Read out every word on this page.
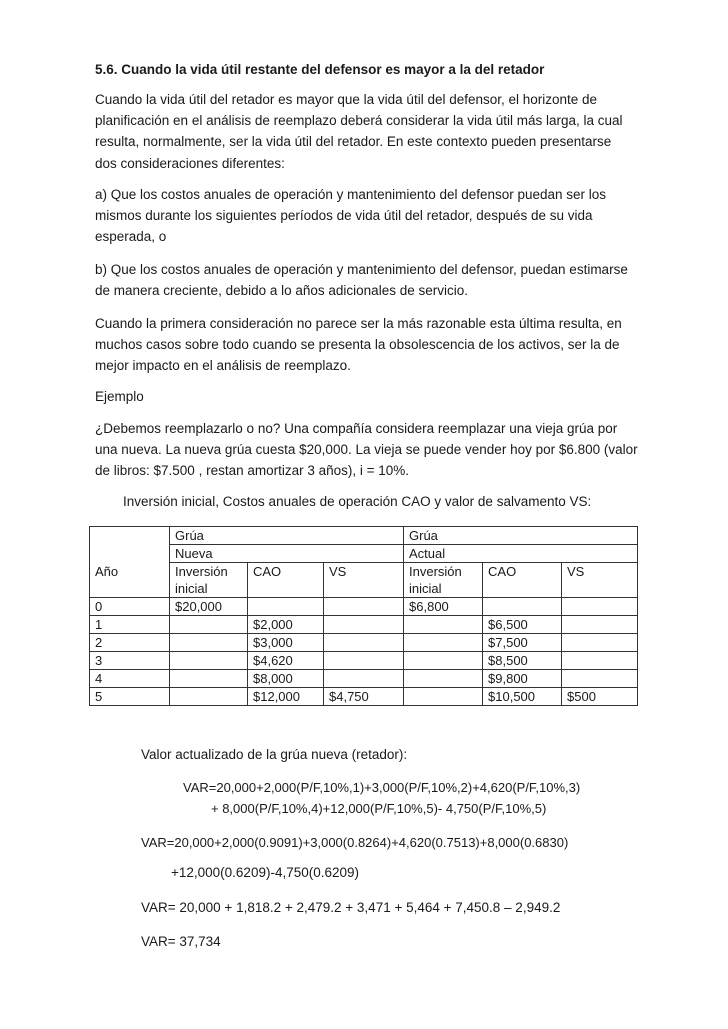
5.6. Cuando la vida útil restante del defensor es mayor a la del retador
Cuando la vida útil del retador es mayor que la vida útil del defensor, el horizonte de
planificación en el análisis de reemplazo deberá considerar la vida útil más larga, la cual
resulta, normalmente, ser la vida útil del retador. En este contexto pueden presentarse
dos consideraciones diferentes:
a) Que los costos anuales de operación y mantenimiento del defensor puedan ser los
mismos durante los siguientes períodos de vida útil del retador, después de su vida
esperada, o
b) Que los costos anuales de operación y mantenimiento del defensor, puedan estimarse
de manera creciente, debido a lo años adicionales de servicio.
Cuando la primera consideración no parece ser la más razonable esta última resulta, en
muchos casos sobre todo cuando se presenta la obsolescencia de los activos, ser la de
mejor impacto en el análisis de reemplazo.
Ejemplo
¿Debemos reemplazarlo o no? Una compañía considera reemplazar una vieja grúa por
una nueva. La nueva grúa cuesta $20,000. La vieja se puede vender hoy por $6.800 (valor
de libros: $7.500 , restan amortizar 3 años), i = 10%.
Inversión inicial, Costos anuales de operación CAO y valor de salvamento VS:
Año	Grúa			Grúa		
	Nueva			Actual		
	Inversión	CAO	VS	Inversión	CAO	VS
	inicial			inicial		
0	$20,000			$6,800		
1		$2,000			$6,500	
2		$3,000			$7,500	
3		$4,620			$8,500	
4		$8,000			$9,800	
5		$12,000	$4,750		$10,500	$500
Valor actualizado de la grúa nueva (retador):
VAR=20,000+2,000(P/F,10%,1)+3,000(P/F,10%,2)+4,620(P/F,10%,3)
+ 8,000(P/F,10%,4)+12,000(P/F,10%,5)- 4,750(P/F,10%,5)
VAR=20,000+2,000(0.9091)+3,000(0.8264)+4,620(0.7513)+8,000(0.6830)
+12,000(0.6209)-4,750(0.6209)
VAR= 20,000 + 1,818.2 + 2,479.2 + 3,471 + 5,464 + 7,450.8 – 2,949.2
VAR= 37,734
